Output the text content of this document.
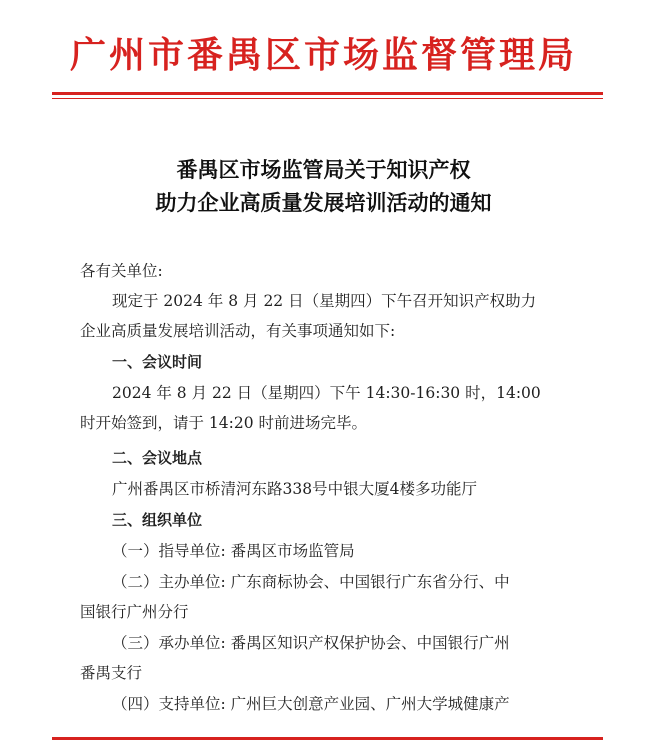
广州市番禺区市场监督管理局
番禺区市场监管局关于知识产权
助力企业高质量发展培训活动的通知
各有关单位:
现定于 2024 年 8 月 22 日（星期四）下午召开知识产权助力
企业高质量发展培训活动，有关事项通知如下:
一、会议时间
2024 年 8 月 22 日（星期四）下午 14:30-16:30 时，14:00
时开始签到，请于 14:20 时前进场完毕。
二、会议地点
广州番禺区市桥清河东路338号中银大厦4楼多功能厅
三、组织单位
（一）指导单位: 番禺区市场监管局
（二）主办单位: 广东商标协会、中国银行广东省分行、中
国银行广州分行
（三）承办单位: 番禺区知识产权保护协会、中国银行广州
番禺支行
（四）支持单位: 广州巨大创意产业园、广州大学城健康产
